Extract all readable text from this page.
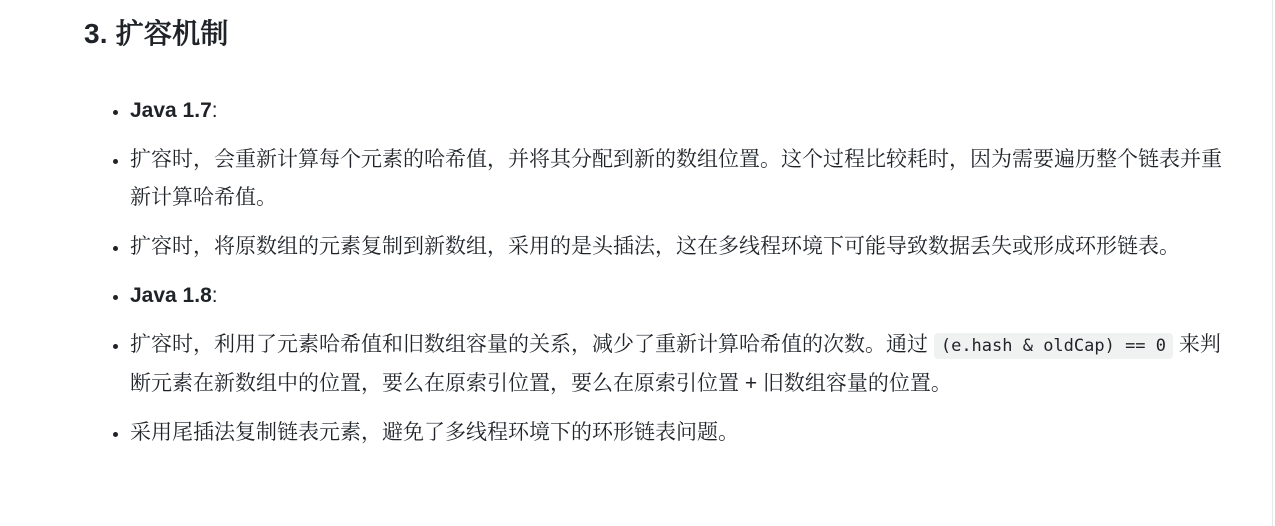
3. 扩容机制
• Java 1.7:
• 扩容时，会重新计算每个元素的哈希值，并将其分配到新的数组位置。这个过程比较耗时，因为需要遍历整个链表并重新计算哈希值。
• 扩容时，将原数组的元素复制到新数组，采用的是头插法，这在多线程环境下可能导致数据丢失或形成环形链表。
• Java 1.8:
• 扩容时，利用了元素哈希值和旧数组容量的关系，减少了重新计算哈希值的次数。通过 (e.hash & oldCap) == 0 来判断元素在新数组中的位置，要么在原索引位置，要么在原索引位置 + 旧数组容量的位置。
• 采用尾插法复制链表元素，避免了多线程环境下的环形链表问题。
